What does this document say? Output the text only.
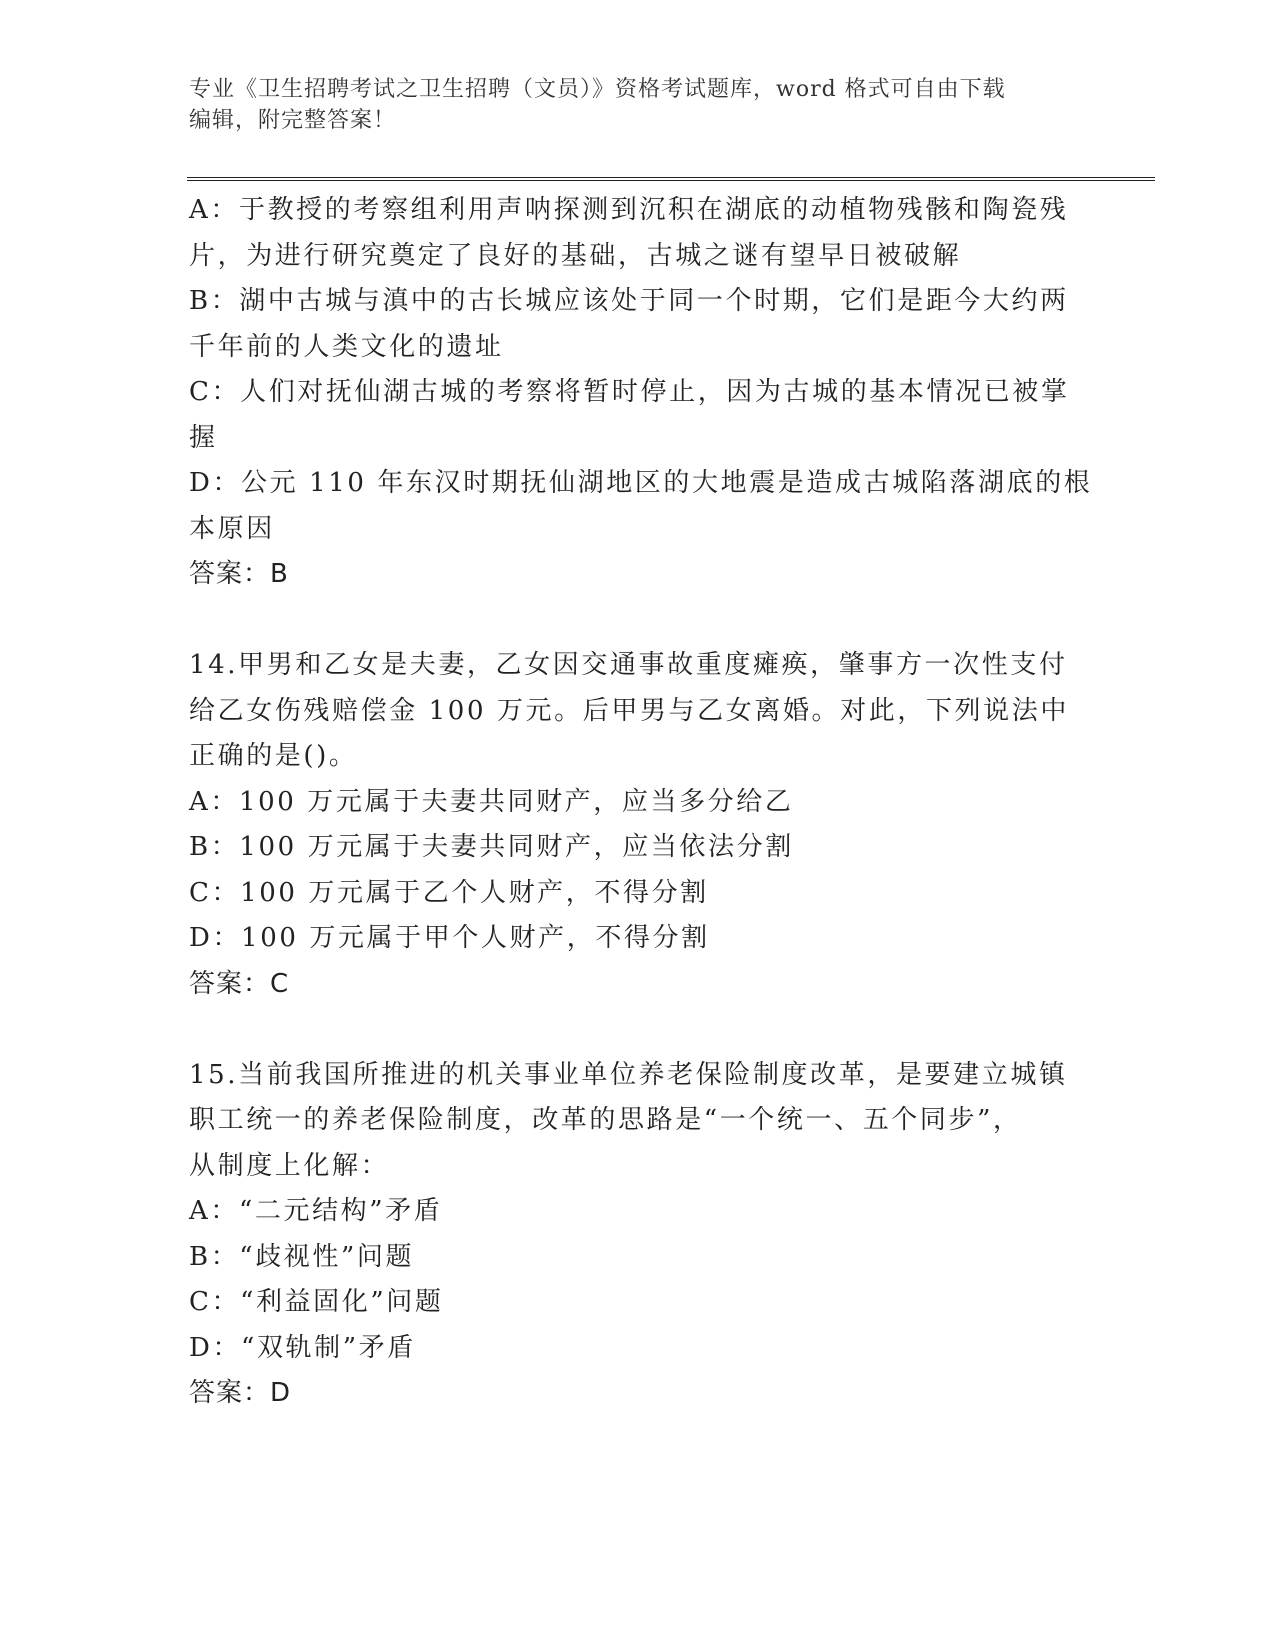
专业《卫生招聘考试之卫生招聘（文员）》资格考试题库，word 格式可自由下载
编辑，附完整答案！
A：于教授的考察组利用声呐探测到沉积在湖底的动植物残骸和陶瓷残
片，为进行研究奠定了良好的基础，古城之谜有望早日被破解
B：湖中古城与滇中的古长城应该处于同一个时期，它们是距今大约两
千年前的人类文化的遗址
C：人们对抚仙湖古城的考察将暂时停止，因为古城的基本情况已被掌
握
D：公元 110 年东汉时期抚仙湖地区的大地震是造成古城陷落湖底的根
本原因
答案：B
14.甲男和乙女是夫妻，乙女因交通事故重度瘫痪，肇事方一次性支付
给乙女伤残赔偿金 100 万元。后甲男与乙女离婚。对此，下列说法中
正确的是()。
A：100 万元属于夫妻共同财产，应当多分给乙
B：100 万元属于夫妻共同财产，应当依法分割
C：100 万元属于乙个人财产，不得分割
D：100 万元属于甲个人财产，不得分割
答案：C
15.当前我国所推进的机关事业单位养老保险制度改革，是要建立城镇
职工统一的养老保险制度，改革的思路是“一个统一、五个同步”，
从制度上化解：
A：“二元结构”矛盾
B：“歧视性”问题
C：“利益固化”问题
D：“双轨制”矛盾
答案：D
